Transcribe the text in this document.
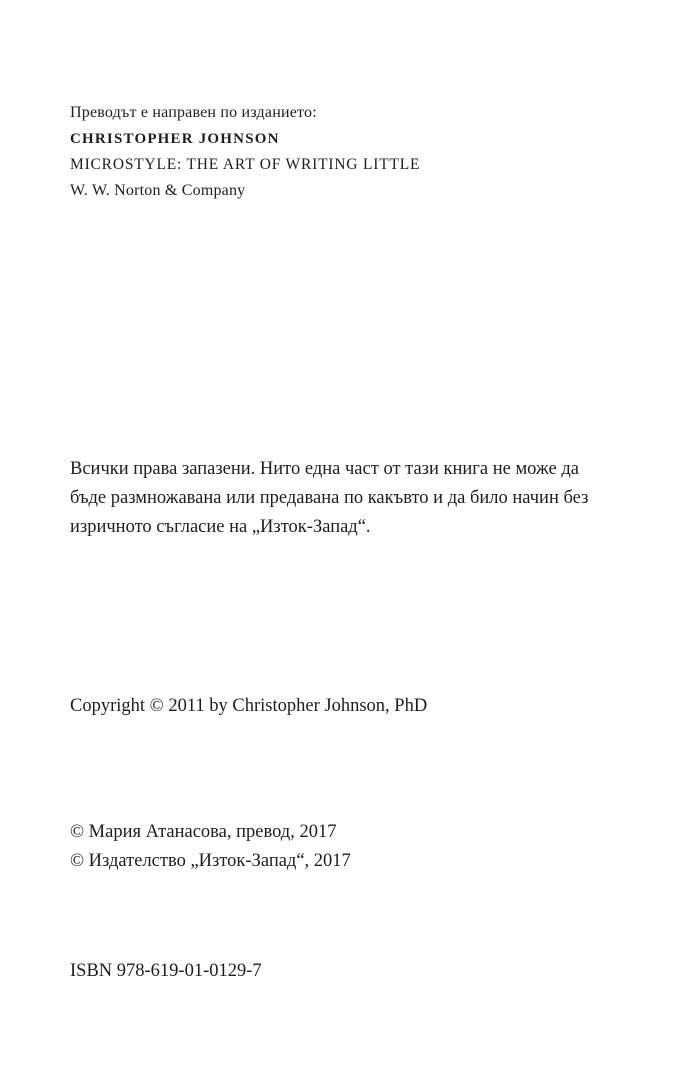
Преводът е направен по изданието:
CHRISTOPHER JOHNSON
MICROSTYLE: THE ART OF WRITING LITTLE
W. W. Norton & Company
Всички права запазени. Нито една част от тази книга не може да
бъде размножавана или предавана по какъвто и да било начин без
изричното съгласие на „Изток-Запад“.
Copyright © 2011 by Christopher Johnson, PhD
© Мария Атанасова, превод, 2017
© Издателство „Изток-Запад“, 2017
ISBN 978-619-01-0129-7
